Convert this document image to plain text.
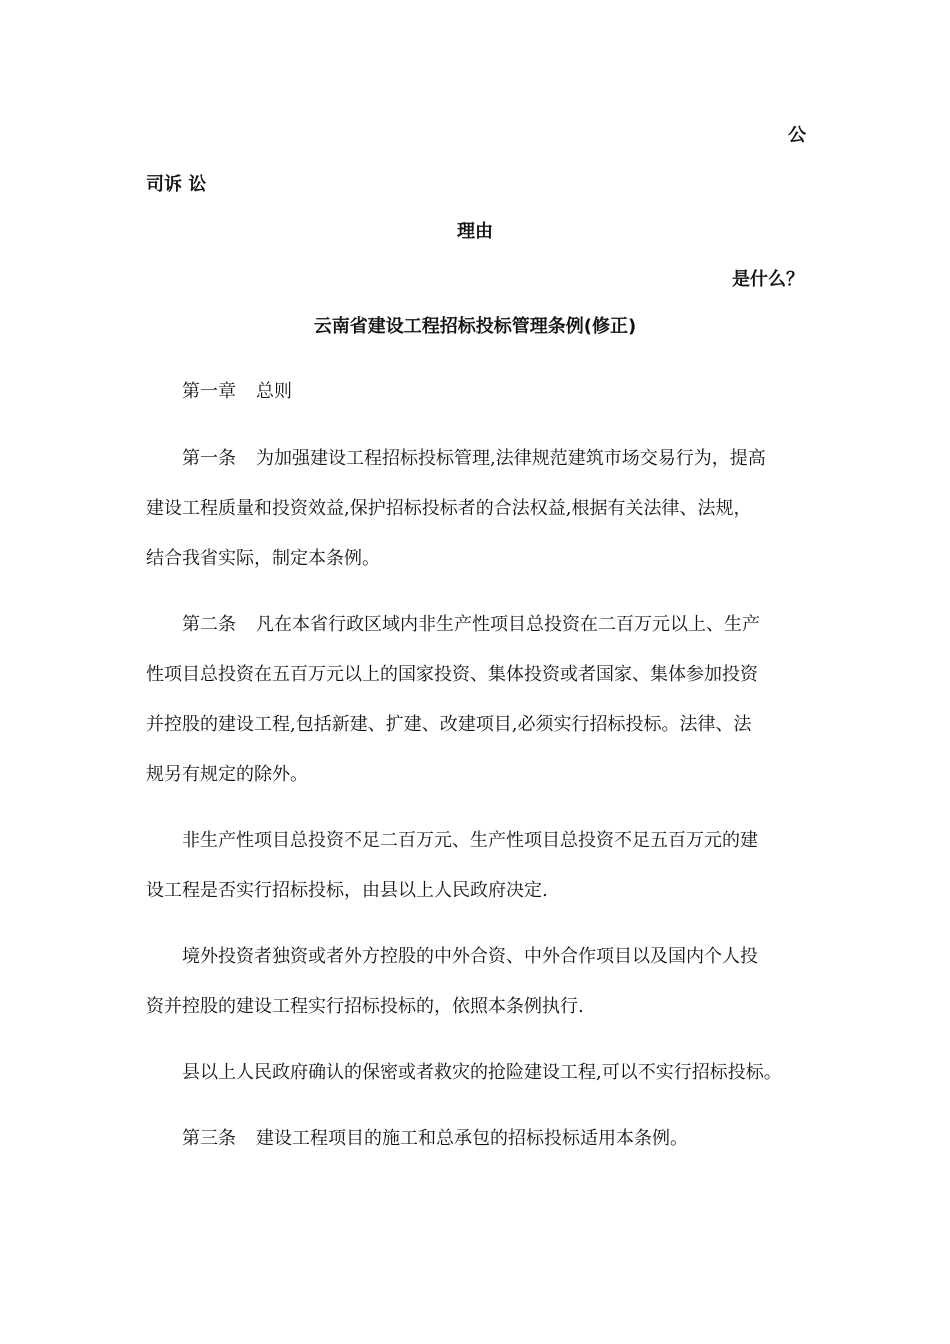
公
司诉 讼
理由
是什么？
云南省建设工程招标投标管理条例(修正)
第一章 总则
第一条 为加强建设工程招标投标管理,法律规范建筑市场交易行为，提高
建设工程质量和投资效益,保护招标投标者的合法权益,根据有关法律、法规，
结合我省实际，制定本条例。
第二条 凡在本省行政区域内非生产性项目总投资在二百万元以上、生产
性项目总投资在五百万元以上的国家投资、集体投资或者国家、集体参加投资
并控股的建设工程,包括新建、扩建、改建项目,必须实行招标投标。法律、法
规另有规定的除外。
非生产性项目总投资不足二百万元、生产性项目总投资不足五百万元的建
设工程是否实行招标投标，由县以上人民政府决定.
境外投资者独资或者外方控股的中外合资、中外合作项目以及国内个人投
资并控股的建设工程实行招标投标的，依照本条例执行.
县以上人民政府确认的保密或者救灾的抢险建设工程,可以不实行招标投标。
第三条 建设工程项目的施工和总承包的招标投标适用本条例。
